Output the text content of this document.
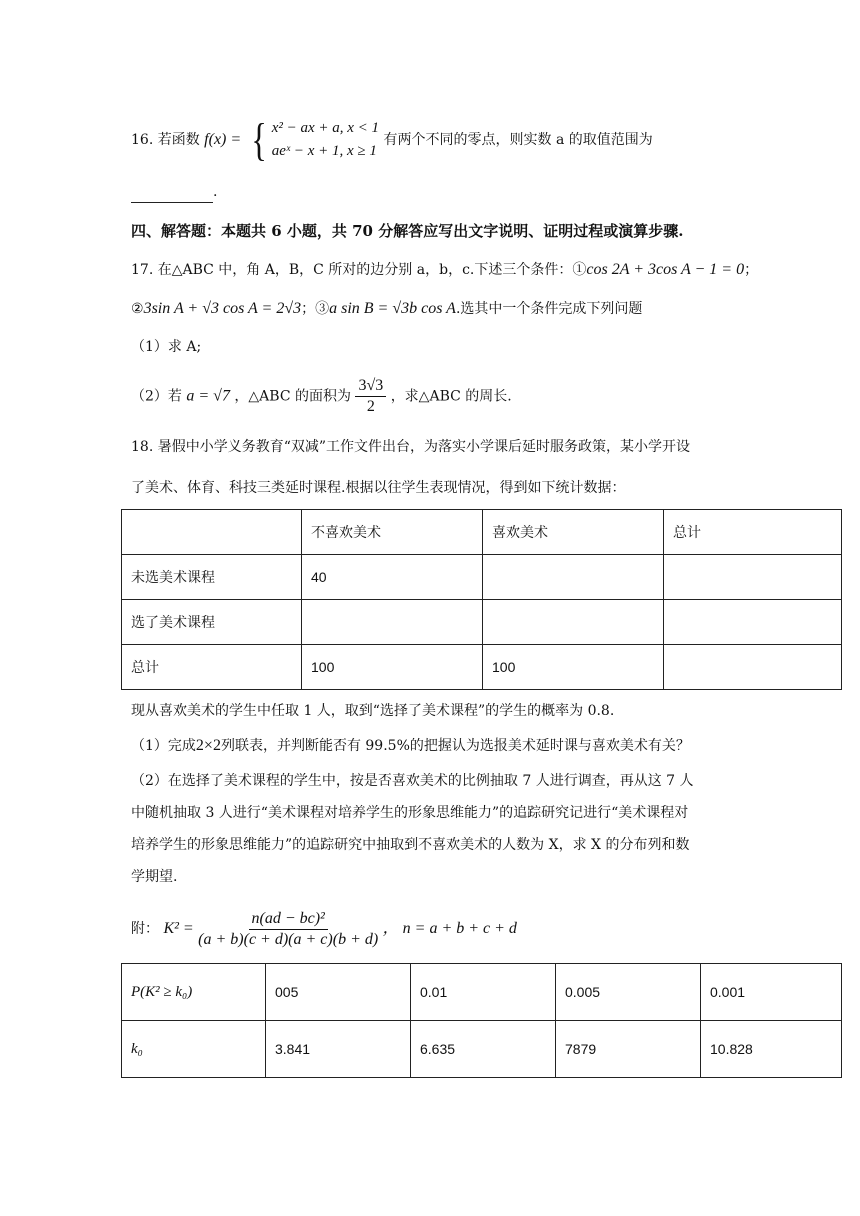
16. 若函数 f(x) = { x² − ax + a, x < 1
aeˣ − x + 1, x ≥ 1
有两个不同的零点，则实数 a 的取值范围为
.
四、解答题：本题共 6 小题，共 70 分解答应写出文字说明、证明过程或演算步骤.
17. 在△ABC 中，角 A，B，C 所对的边分别 a，b，c.下述三个条件：①cos 2A + 3cos A − 1 = 0；
②3sin A + √3 cos A = 2√3；③a sin B = √3b cos A.选其中一个条件完成下列问题
（1）求 A;
（2）若 a = √7 ，△ABC 的面积为 $\frac{3√3}{2}$ ，求△ABC 的周长.
18. 暑假中小学义务教育“双减”工作文件出台，为落实小学课后延时服务政策，某小学开设
了美术、体育、科技三类延时课程.根据以往学生表现情况，得到如下统计数据：
	不喜欢美术	喜欢美术	总计
未选美术课程	40		
选了美术课程			
总计	100	100	
现从喜欢美术的学生中任取 1 人，取到“选择了美术课程”的学生的概率为 0.8.
（1）完成2×2列联表，并判断能否有 99.5%的把握认为选报美术延时课与喜欢美术有关？
（2）在选择了美术课程的学生中，按是否喜欢美术的比例抽取 7 人进行调查，再从这 7 人
中随机抽取 3 人进行“美术课程对培养学生的形象思维能力”的追踪研究记进行“美术课程对
培养学生的形象思维能力”的追踪研究中抽取到不喜欢美术的人数为 X，求 X 的分布列和数
学期望.
附： $K^2 = \frac{\text{n(ad − bc)²}}{(a + b)(c + d)(a + c)(b + d)}$ ， n = a + b + c + d
P(K² ≥ k₀)	005	0.01	0.005	0.001
k₀	3.841	6.635	7879	10.828
